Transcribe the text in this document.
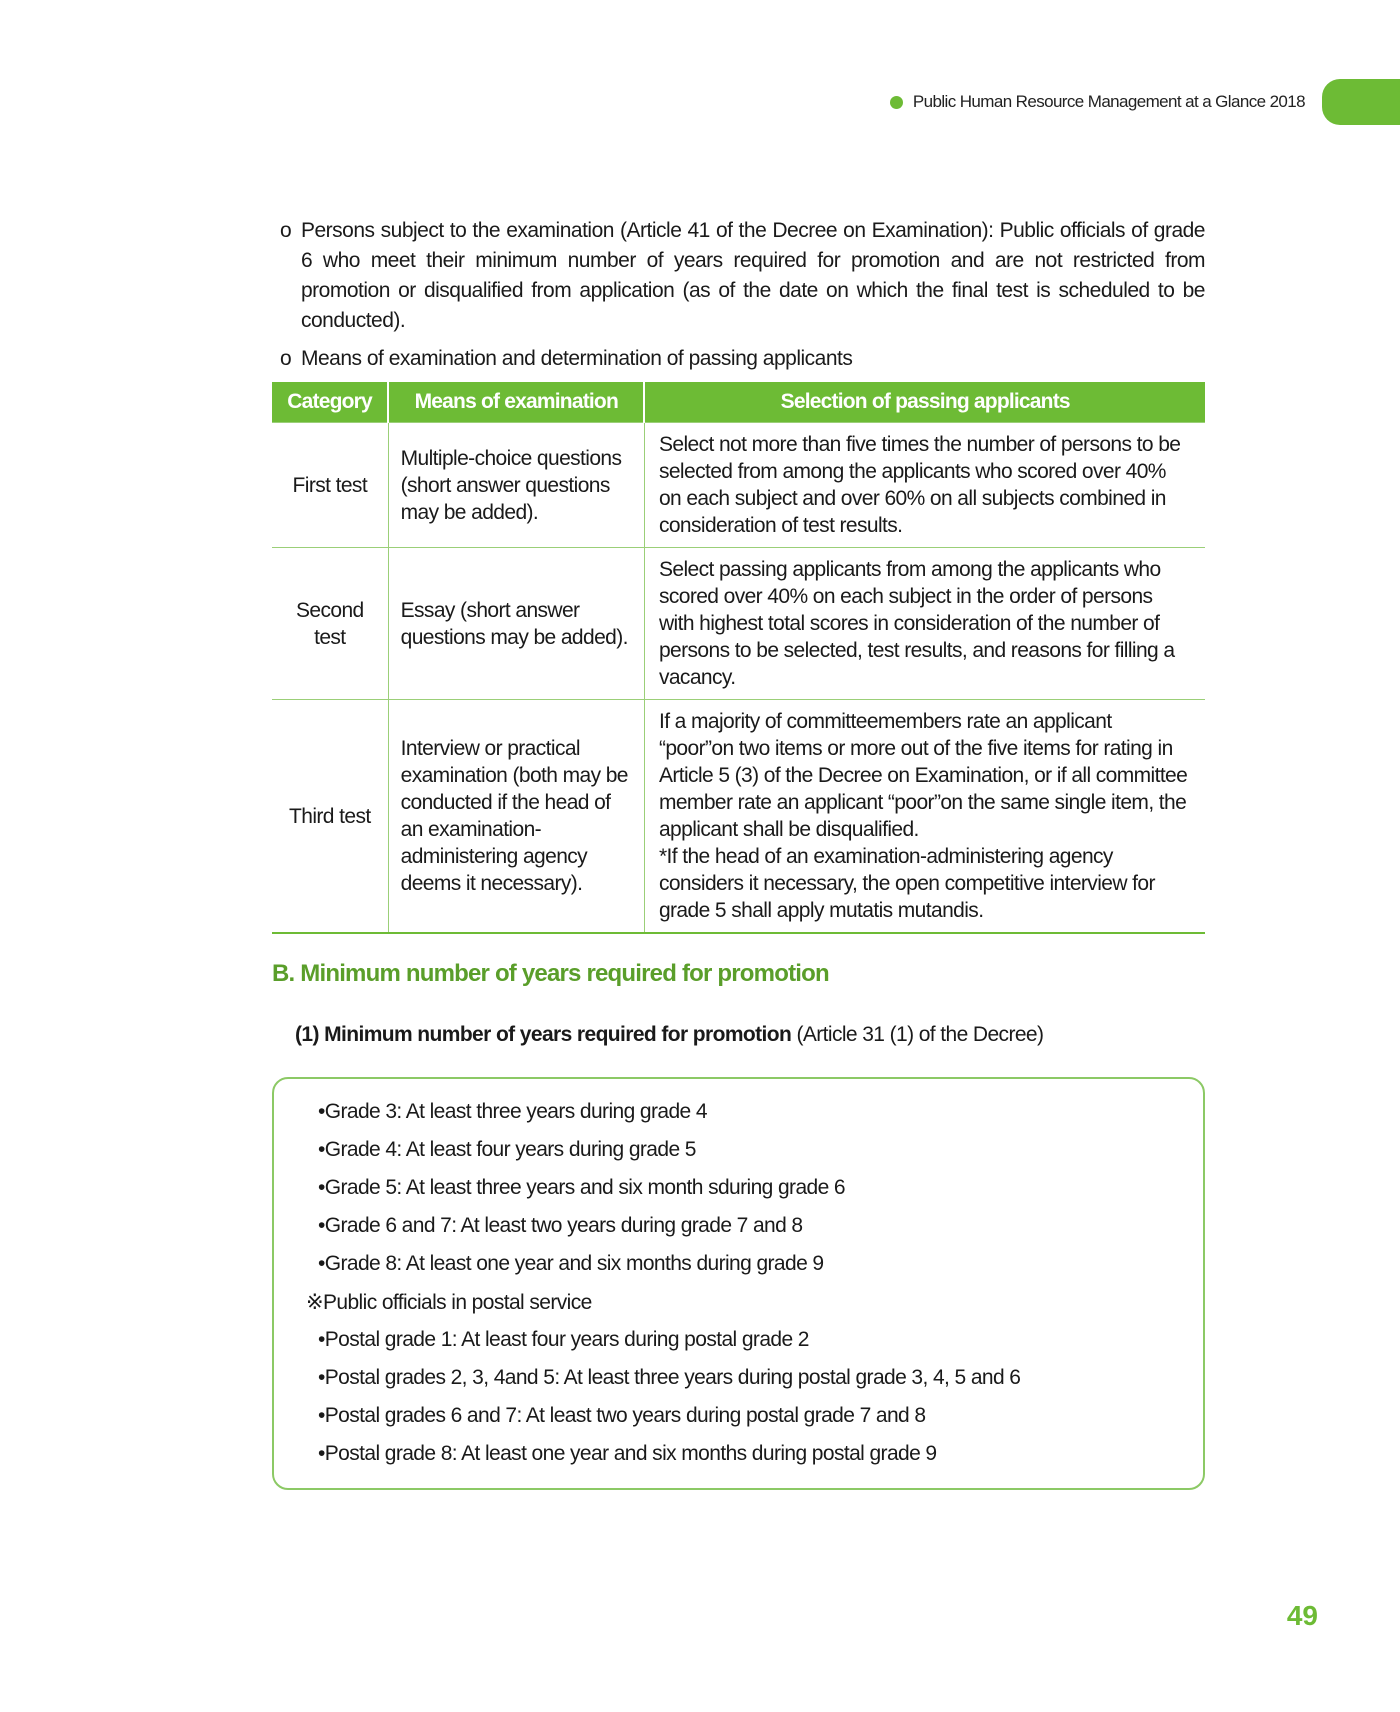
Public Human Resource Management at a Glance 2018
o Persons subject to the examination (Article 41 of the Decree on Examination): Public officials of grade 6 who meet their minimum number of years required for promotion and are not restricted from promotion or disqualified from application (as of the date on which the final test is scheduled to be conducted).
o Means of examination and determination of passing applicants
Category	Means of examination	Selection of passing applicants
First test	Multiple-choice questions (short answer questions may be added).	Select not more than five times the number of persons to be selected from among the applicants who scored over 40% on each subject and over 60% on all subjects combined in consideration of test results.
Second test	Essay (short answer questions may be added).	Select passing applicants from among the applicants who scored over 40% on each subject in the order of persons with highest total scores in consideration of the number of persons to be selected, test results, and reasons for filling a vacancy.
Third test	Interview or practical examination (both may be conducted if the head of an examination-administering agency deems it necessary).	If a majority of committeemembers rate an applicant “poor”on two items or more out of the five items for rating in Article 5 (3) of the Decree on Examination, or if all committee member rate an applicant “poor”on the same single item, the applicant shall be disqualified.
*If the head of an examination-administering agency considers it necessary, the open competitive interview for grade 5 shall apply mutatis mutandis.
B. Minimum number of years required for promotion
(1) Minimum number of years required for promotion (Article 31 (1) of the Decree)
•Grade 3: At least three years during grade 4
•Grade 4: At least four years during grade 5
•Grade 5: At least three years and six month sduring grade 6
•Grade 6 and 7: At least two years during grade 7 and 8
•Grade 8: At least one year and six months during grade 9
※Public officials in postal service
•Postal grade 1: At least four years during postal grade 2
•Postal grades 2, 3, 4and 5: At least three years during postal grade 3, 4, 5 and 6
•Postal grades 6 and 7: At least two years during postal grade 7 and 8
•Postal grade 8: At least one year and six months during postal grade 9
49
